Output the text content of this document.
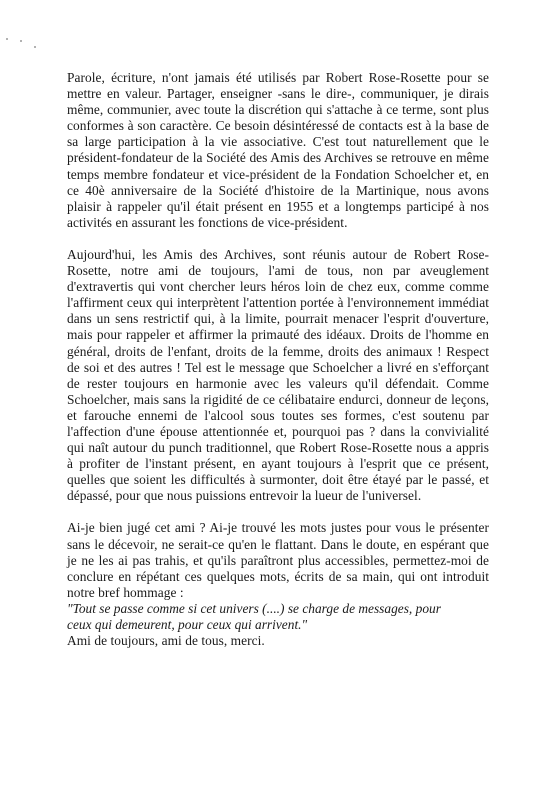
Parole, écriture, n'ont jamais été utilisés par Robert Rose-Rosette pour se mettre en valeur. Partager, enseigner -sans le dire-, communiquer, je dirais même, communier, avec toute la discrétion qui s'attache à ce terme, sont plus conformes à son caractère. Ce besoin désintéressé de contacts est à la base de sa large participation à la vie associative. C'est tout naturellement que le président-fondateur de la Société des Amis des Archives se retrouve en même temps membre fondateur et vice-président de la Fondation Schoelcher et, en ce 40è anniversaire de la Société d'histoire de la Martinique, nous avons plaisir à rappeler qu'il était présent en 1955 et a longtemps participé à nos activités en assurant les fonctions de vice-président.

Aujourd'hui, les Amis des Archives, sont réunis autour de Robert Rose-Rosette, notre ami de toujours, l'ami de tous, non par aveuglement d'extravertis qui vont chercher leurs héros loin de chez eux, comme comme l'affirment ceux qui interprètent l'attention portée à l'environnement immédiat dans un sens restrictif qui, à la limite, pourrait menacer l'esprit d'ouverture, mais pour rappeler et affirmer la primauté des idéaux. Droits de l'homme en général, droits de l'enfant, droits de la femme, droits des animaux ! Respect de soi et des autres ! Tel est le message que Schoelcher a livré en s'efforçant de rester toujours en harmonie avec les valeurs qu'il défendait. Comme Schoelcher, mais sans la rigidité de ce célibataire endurci, donneur de leçons, et farouche ennemi de l'alcool sous toutes ses formes, c'est soutenu par l'affection d'une épouse attentionnée et, pourquoi pas ? dans la convivialité qui naît autour du punch traditionnel, que Robert Rose-Rosette nous a appris à profiter de l'instant présent, en ayant toujours à l'esprit que ce présent, quelles que soient les difficultés à surmonter, doit être étayé par le passé, et dépassé, pour que nous puissions entrevoir la lueur de l'universel.

Ai-je bien jugé cet ami ? Ai-je trouvé les mots justes pour vous le présenter sans le décevoir, ne serait-ce qu'en le flattant. Dans le doute, en espérant que je ne les ai pas trahis, et qu'ils paraîtront plus accessibles, permettez-moi de conclure en répétant ces quelques mots, écrits de sa main, qui ont introduit notre bref hommage :

"Tout se passe comme si cet univers (....) se charge de messages, pour
ceux qui demeurent, pour ceux qui arrivent."

Ami de toujours, ami de tous, merci.
